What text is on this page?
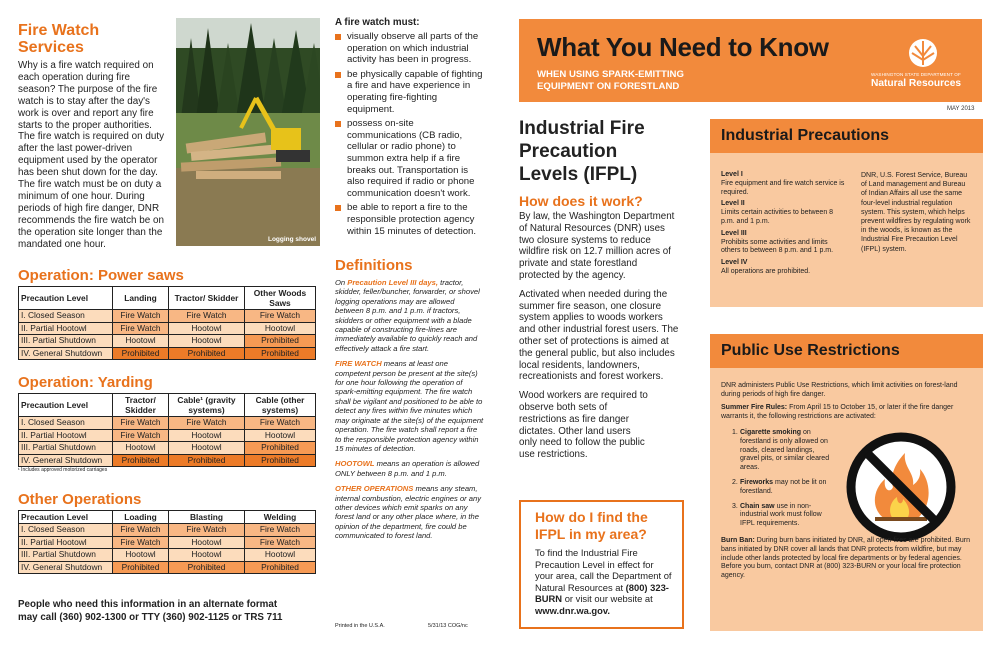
Fire Watch
Services

Why is a fire watch required on each operation during fire season? The purpose of the fire watch is to stay after the day's work is over and report any fire starts to the proper authorities. The fire watch is required on duty after the last power-driven equipment used by the operator has been shut down for the day. The fire watch must be on duty a minimum of one hour. During periods of high fire danger, DNR recommends the fire watch be on the operation site longer than the mandated one hour.	Logging shovel
Operation: Power saws
Precaution Level	Landing	Tractor/ Skidder	Other Woods Saws
I. Closed Season	Fire Watch	Fire Watch	Fire Watch
II. Partial Hootowl	Fire Watch	Hootowl	Hootowl
III. Partial Shutdown	Hootowl	Hootowl	Prohibited
IV. General Shutdown	Prohibited	Prohibited	Prohibited
Operation: Yarding
Precaution Level	Tractor/ Skidder	Cable¹ (gravity systems)	Cable (other systems)
I. Closed Season	Fire Watch	Fire Watch	Fire Watch
II. Partial Hootowl	Fire Watch	Hootowl	Hootowl
III. Partial Shutdown	Hootowl	Hootowl	Prohibited
IV. General Shutdown	Prohibited	Prohibited	Prohibited
¹ Includes approved motorized carriages
Other Operations
Precaution Level	Loading	Blasting	Welding
I. Closed Season	Fire Watch	Fire Watch	Fire Watch
II. Partial Hootowl	Fire Watch	Hootowl	Fire Watch
III. Partial Shutdown	Hootowl	Hootowl	Hootowl
IV. General Shutdown	Prohibited	Prohibited	Prohibited
People who need this information in an alternate format
may call (360) 902-1300 or TTY (360) 902-1125 or TRS 711
A fire watch must:
visually observe all parts of the operation on which industrial activity has been in progress.
be physically capable of fighting a fire and have experience in operating fire-fighting equipment.
possess on-site communications (CB radio, cellular or radio phone) to summon extra help if a fire breaks out. Transportation is also required if radio or phone communication doesn't work.
be able to report a fire to the responsible protection agency within 15 minutes of detection.
Definitions

On Precaution Level III days, tractor, skidder, feller/buncher, forwarder, or shovel logging operations may are allowed between 8 p.m. and 1 p.m. if tractors, skidders or other equipment with a blade capable of constructing fire-lines are immediately available to quickly reach and effectively attack a fire start.

FIRE WATCH means at least one competent person be present at the site(s) for one hour following the operation of spark-emitting equipment. The fire watch shall be vigilant and positioned to be able to detect any fires within five minutes which may originate at the site(s) of the equipment operation. The fire watch shall report a fire to the responsible protection agency within 15 minutes of detection.

HOOTOWL means an operation is allowed ONLY between 8 p.m. and 1 p.m.

OTHER OPERATIONS means any steam, internal combustion, electric engines or any other devices which emit sparks on any forest land or any other place where, in the opinion of the department, fire could be communicated to forest land.

Printed in the U.S.A.	5/31/13 COG/nc
What You Need to Know
WHEN USING SPARK-EMITTING
EQUIPMENT ON FORESTLAND
WASHINGTON STATE DEPARTMENT OF
Natural Resources
MAY 2013
Industrial Fire
Precaution
Levels (IFPL)
How does it work?

By law, the Washington Department of Natural Resources (DNR) uses two closure systems to reduce wildfire risk on 12.7 million acres of private and state forestland protected by the agency.

Activated when needed during the summer fire season, one closure system applies to woods workers and other industrial forest users. The other set of protections is aimed at the general public, but also includes local residents, landowners, recreationists and forest workers.

Wood workers are required to observe both sets of restrictions as fire danger dictates. Other land users only need to follow the public use restrictions.

How do I find the
IFPL in my area?

To find the Industrial Fire Precaution Level in effect for your area, call the Department of Natural Resources at (800) 323-BURN or visit our website at www.dnr.wa.gov.

Industrial Precautions
Level I
Fire equipment and fire watch service is required.
Level II
Limits certain activities to between 8 p.m. and 1 p.m.
Level III
Prohibits some activities and limits others to between 8 p.m. and 1 p.m.
Level IV
All operations are prohibited.
DNR, U.S. Forest Service, Bureau of Land management and Bureau of Indian Affairs all use the same four-level industrial regulation system. This system, which helps prevent wildfires by regulating work in the woods, is known as the Industrial Fire Precaution Level (IFPL) system.
Public Use Restrictions

DNR administers Public Use Restrictions, which limit activities on forest-land during periods of high fire danger.

Summer Fire Rules: From April 15 to October 15, or later if the fire danger warrants it, the following restrictions are activated:

1. Cigarette smoking on forestland is only allowed on roads, cleared landings, gravel pits, or similar cleared areas.
2. Fireworks may not be lit on forestland.
3. Chain saw use in non-industrial work must follow IFPL requirements.

Burn Ban: During burn bans initiated by DNR, all open fires are prohibited. Burn bans initiated by DNR cover all lands that DNR protects from wildfire, but may include other lands protected by local fire departments or by federal agencies. Before you burn, contact DNR at (800) 323-BURN or your local fire protection agency.
